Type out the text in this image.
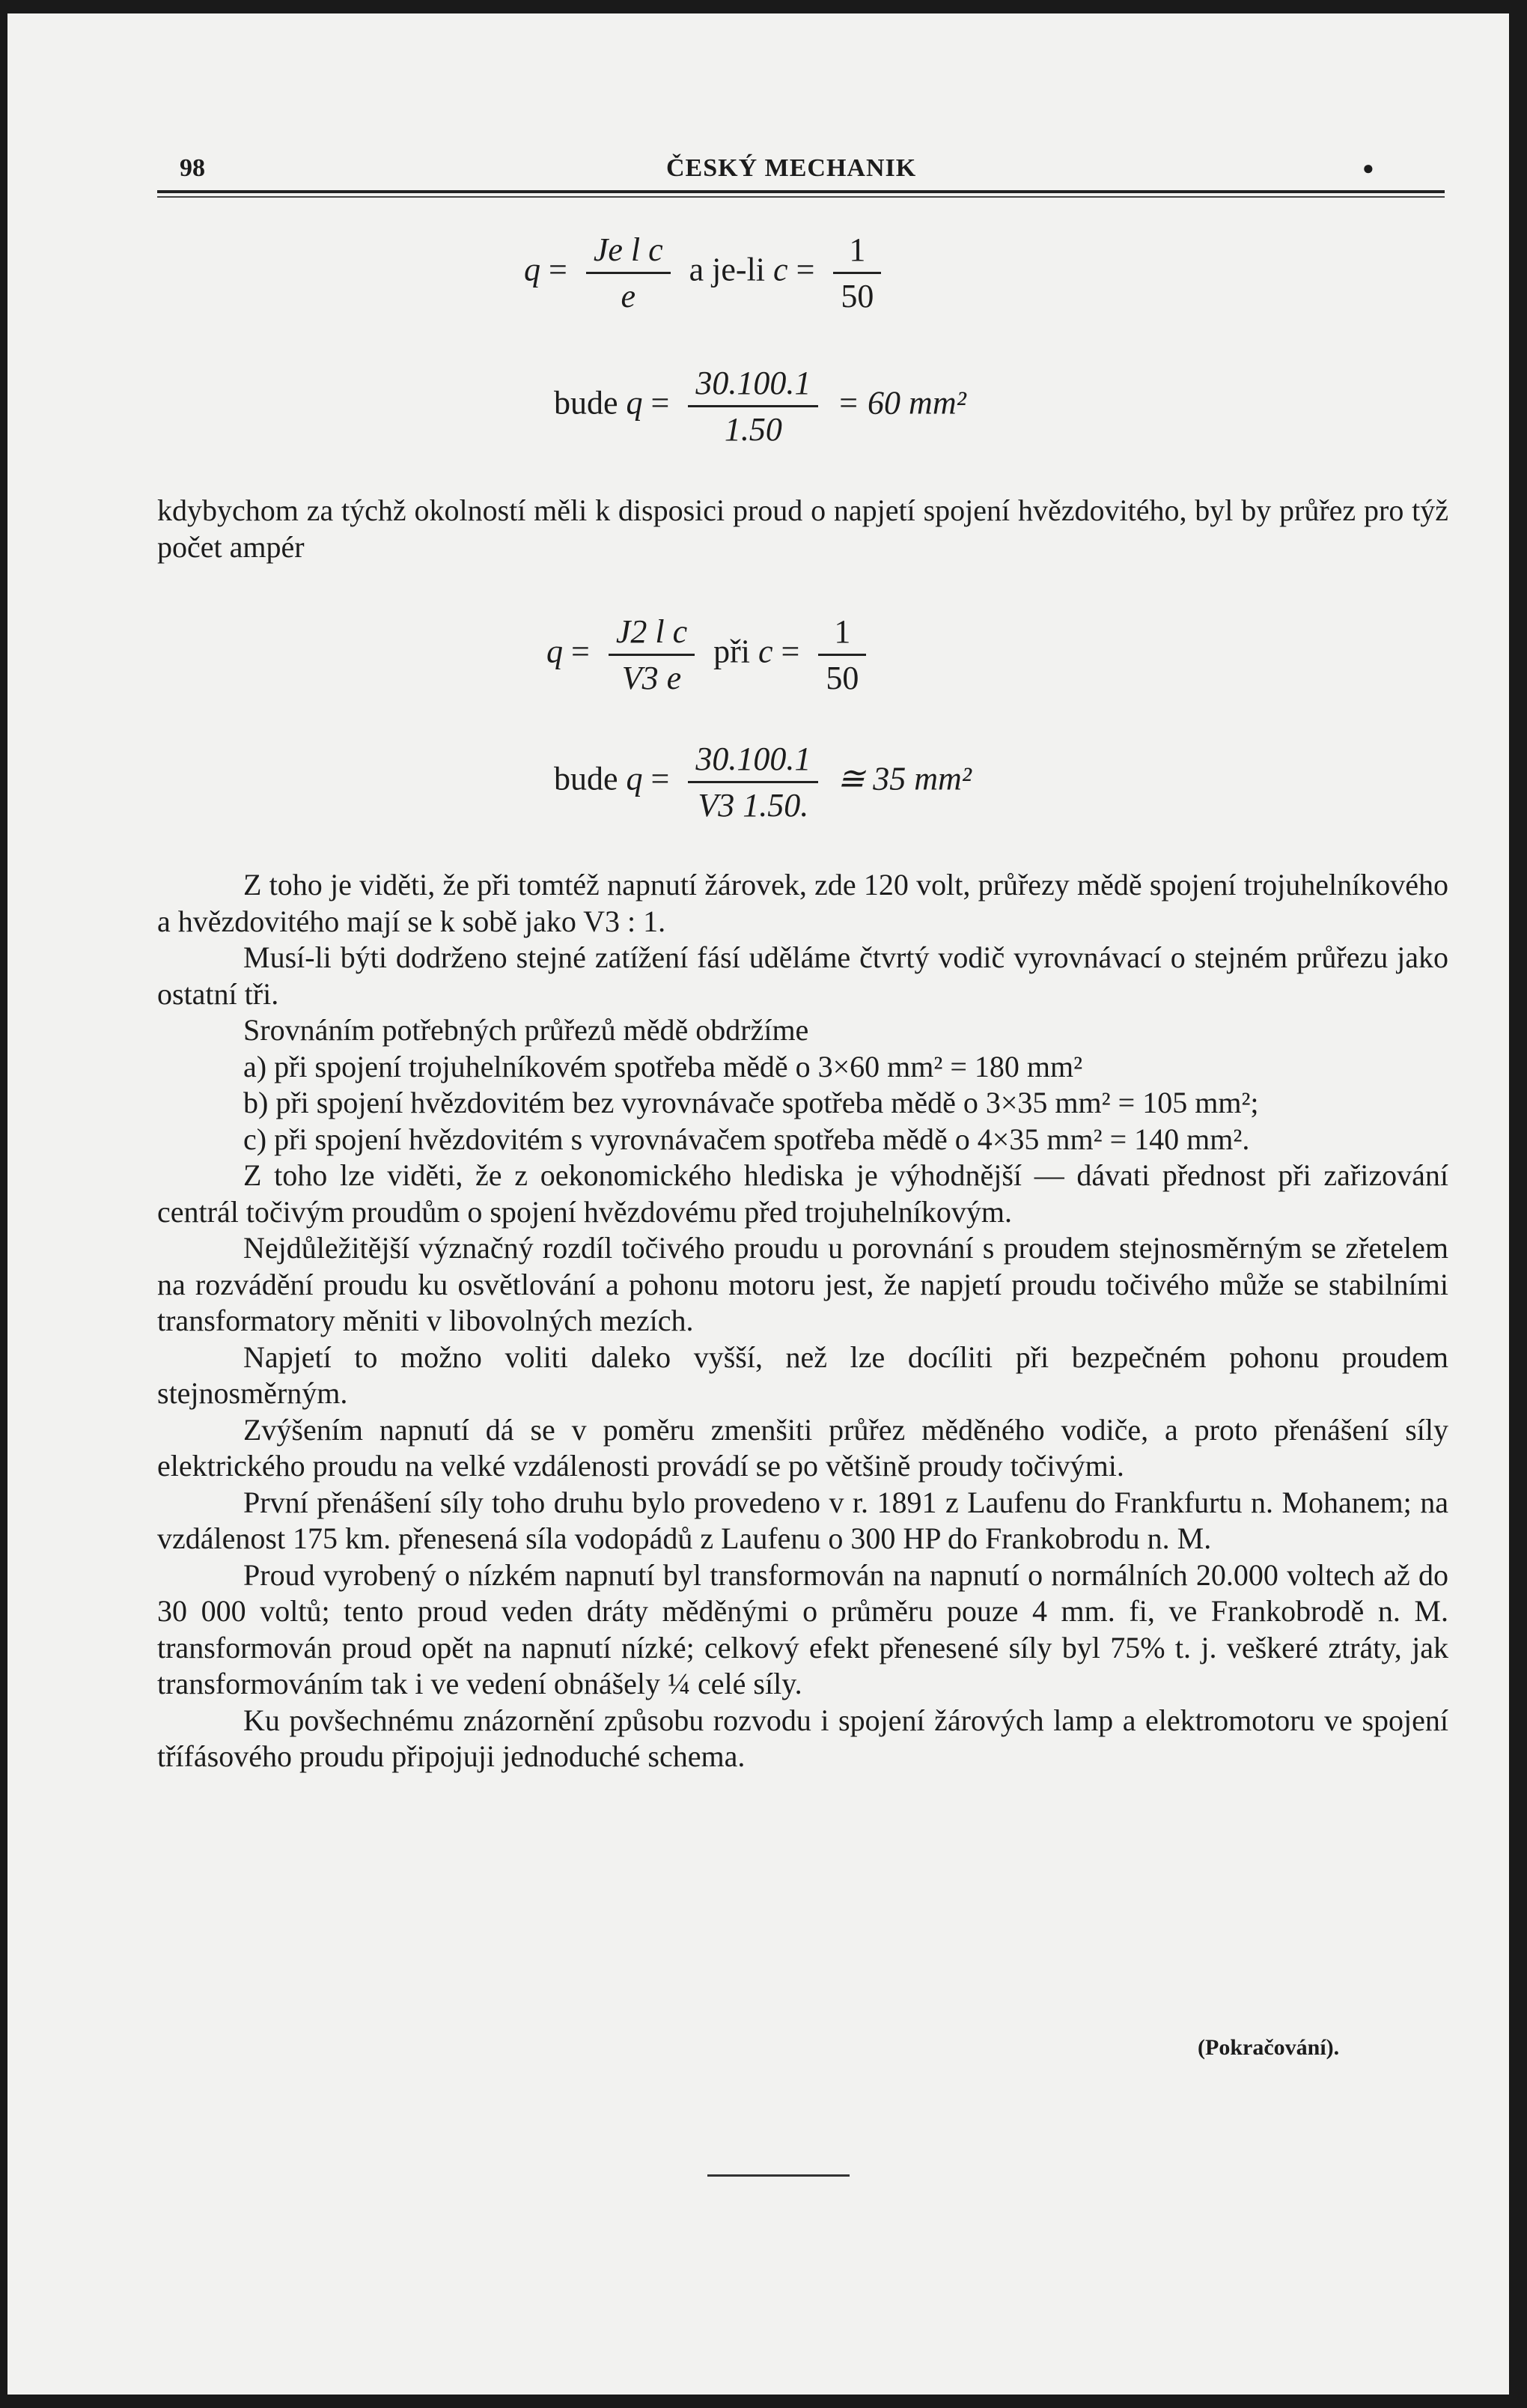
98	ČESKÝ MECHANIK	●
$q = \frac{\text{Je l c}}{e}$ a je-li $c = \frac{1}{50}$
bude $q = \frac{30.100.1}{1.50} = 60$ mm²

kdybychom za týchž okolností měli k disposici proud o napjetí spojení hvězdovitého, byl by průřez pro týž počet ampér

$q = \frac{\text{J2 l c}}{V3 e}$ při $c = \frac{1}{50}$
bude $q = \frac{30.100.1}{V3 1.50.}$ ≅ 35 mm²

Z toho je viděti, že při tomtéž napnutí žárovek, zde 120 volt, průřezy mědě spojení trojuhelníkového a hvězdovitého mají se k sobě jako V3 : 1.

Musí-li býti dodrženo stejné zatížení fásí uděláme čtvrtý vodič vyrovnávací o stejném průřezu jako ostatní tři.

Srovnáním potřebných průřezů mědě obdržíme

a) při spojení trojuhelníkovém spotřeba mědě o 3×60 mm² = 180 mm²

b) při spojení hvězdovitém bez vyrovnávače spotřeba mědě o 3×35 mm² = 105 mm²;

c) při spojení hvězdovitém s vyrovnávačem spotřeba mědě o 4×35 mm² = 140 mm².

Z toho lze viděti, že z oekonomického hlediska je výhodnější — dávati přednost při zařizování centrál točivým proudům o spojení hvězdovému před trojuhelníkovým.

Nejdůležitější význačný rozdíl točivého proudu u porovnání s proudem stejnosměrným se zřetelem na rozvádění proudu ku osvětlování a pohonu motoru jest, že napjetí proudu točivého může se stabilními transformatory měniti v libovolných mezích.

Napjetí to možno voliti daleko vyšší, než lze docíliti při bezpečném pohonu proudem stejnosměrným.

Zvýšením napnutí dá se v poměru zmenšiti průřez měděného vodiče, a proto přenášení síly elektrického proudu na velké vzdálenosti provádí se po většině proudy točivými.

První přenášení síly toho druhu bylo provedeno v r. 1891 z Laufenu do Frankfurtu n. Mohanem; na vzdálenost 175 km. přenesená síla vodopádů z Laufenu o 300 HP do Frankobrodu n. M.

Proud vyrobený o nízkém napnutí byl transformován na napnutí o normálních 20.000 voltech až do 30 000 voltů; tento proud veden dráty měděnými o průměru pouze 4 mm. fi, ve Frankobrodě n. M. transformován proud opět na napnutí nízké; celkový efekt přenesené síly byl 75% t. j. veškeré ztráty, jak transformováním tak i ve vedení obnášely ¼ celé síly.

Ku povšechnému znázornění způsobu rozvodu i spojení žárových lamp a elektromotoru ve spojení třífásového proudu připojuji jednoduché schema.

(Pokračování).
